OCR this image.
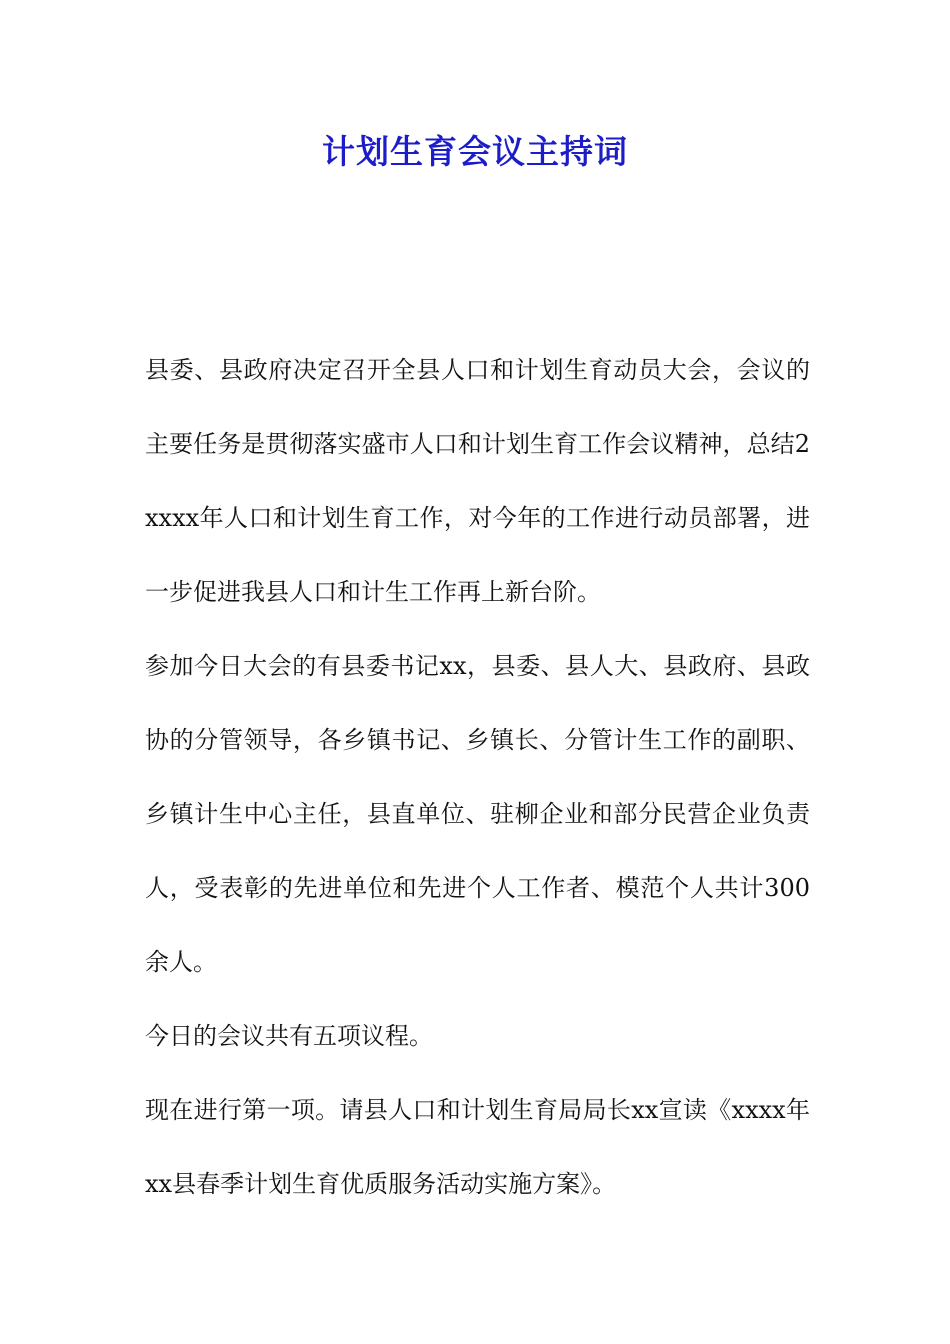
计划生育会议主持词

县委、县政府决定召开全县人口和计划生育动员大会，会议的主要任务是贯彻落实盛市人口和计划生育工作会议精神，总结2xxxx年人口和计划生育工作，对今年的工作进行动员部署，进一步促进我县人口和计生工作再上新台阶。

参加今日大会的有县委书记xx，县委、县人大、县政府、县政协的分管领导，各乡镇书记、乡镇长、分管计生工作的副职、乡镇计生中心主任，县直单位、驻柳企业和部分民营企业负责人，受表彰的先进单位和先进个人工作者、模范个人共计300余人。

今日的会议共有五项议程。

现在进行第一项。请县人口和计划生育局局长xx宣读《xxxx年xx县春季计划生育优质服务活动实施方案》。
